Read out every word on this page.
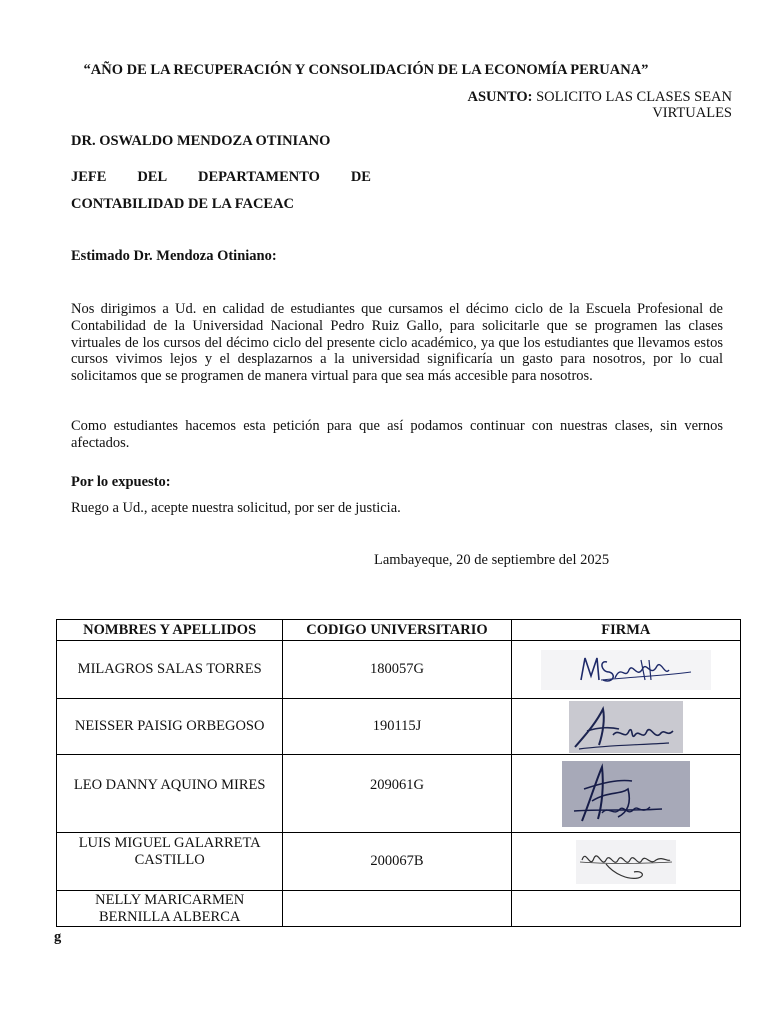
“AÑO DE LA RECUPERACIÓN Y CONSOLIDACIÓN DE LA ECONOMÍA PERUANA”
ASUNTO: SOLICITO LAS CLASES SEAN
VIRTUALES
DR. OSWALDO MENDOZA OTINIANO
JEFE DEL DEPARTAMENTO DE
CONTABILIDAD DE LA FACEAC
Estimado Dr. Mendoza Otiniano:
Nos dirigimos a Ud. en calidad de estudiantes que cursamos el décimo ciclo de la Escuela Profesional de Contabilidad de la Universidad Nacional Pedro Ruiz Gallo, para solicitarle que se programen las clases virtuales de los cursos del décimo ciclo del presente ciclo académico, ya que los estudiantes que llevamos estos cursos vivimos lejos y el desplazarnos a la universidad significaría un gasto para nosotros, por lo cual solicitamos que se programen de manera virtual para que sea más accesible para nosotros.
Como estudiantes hacemos esta petición para que así podamos continuar con nuestras clases, sin vernos afectados.
Por lo expuesto:
Ruego a Ud., acepte nuestra solicitud, por ser de justicia.
Lambayeque, 20 de septiembre del 2025
NOMBRES Y APELLIDOS	CODIGO UNIVERSITARIO	FIRMA
MILAGROS SALAS TORRES	180057G	
NEISSER PAISIG ORBEGOSO	190115J	
LEO DANNY AQUINO MIRES	209061G	
LUIS MIGUEL GALARRETA CASTILLO	200067B	
NELLY MARICARMEN BERNILLA ALBERCA		
g
